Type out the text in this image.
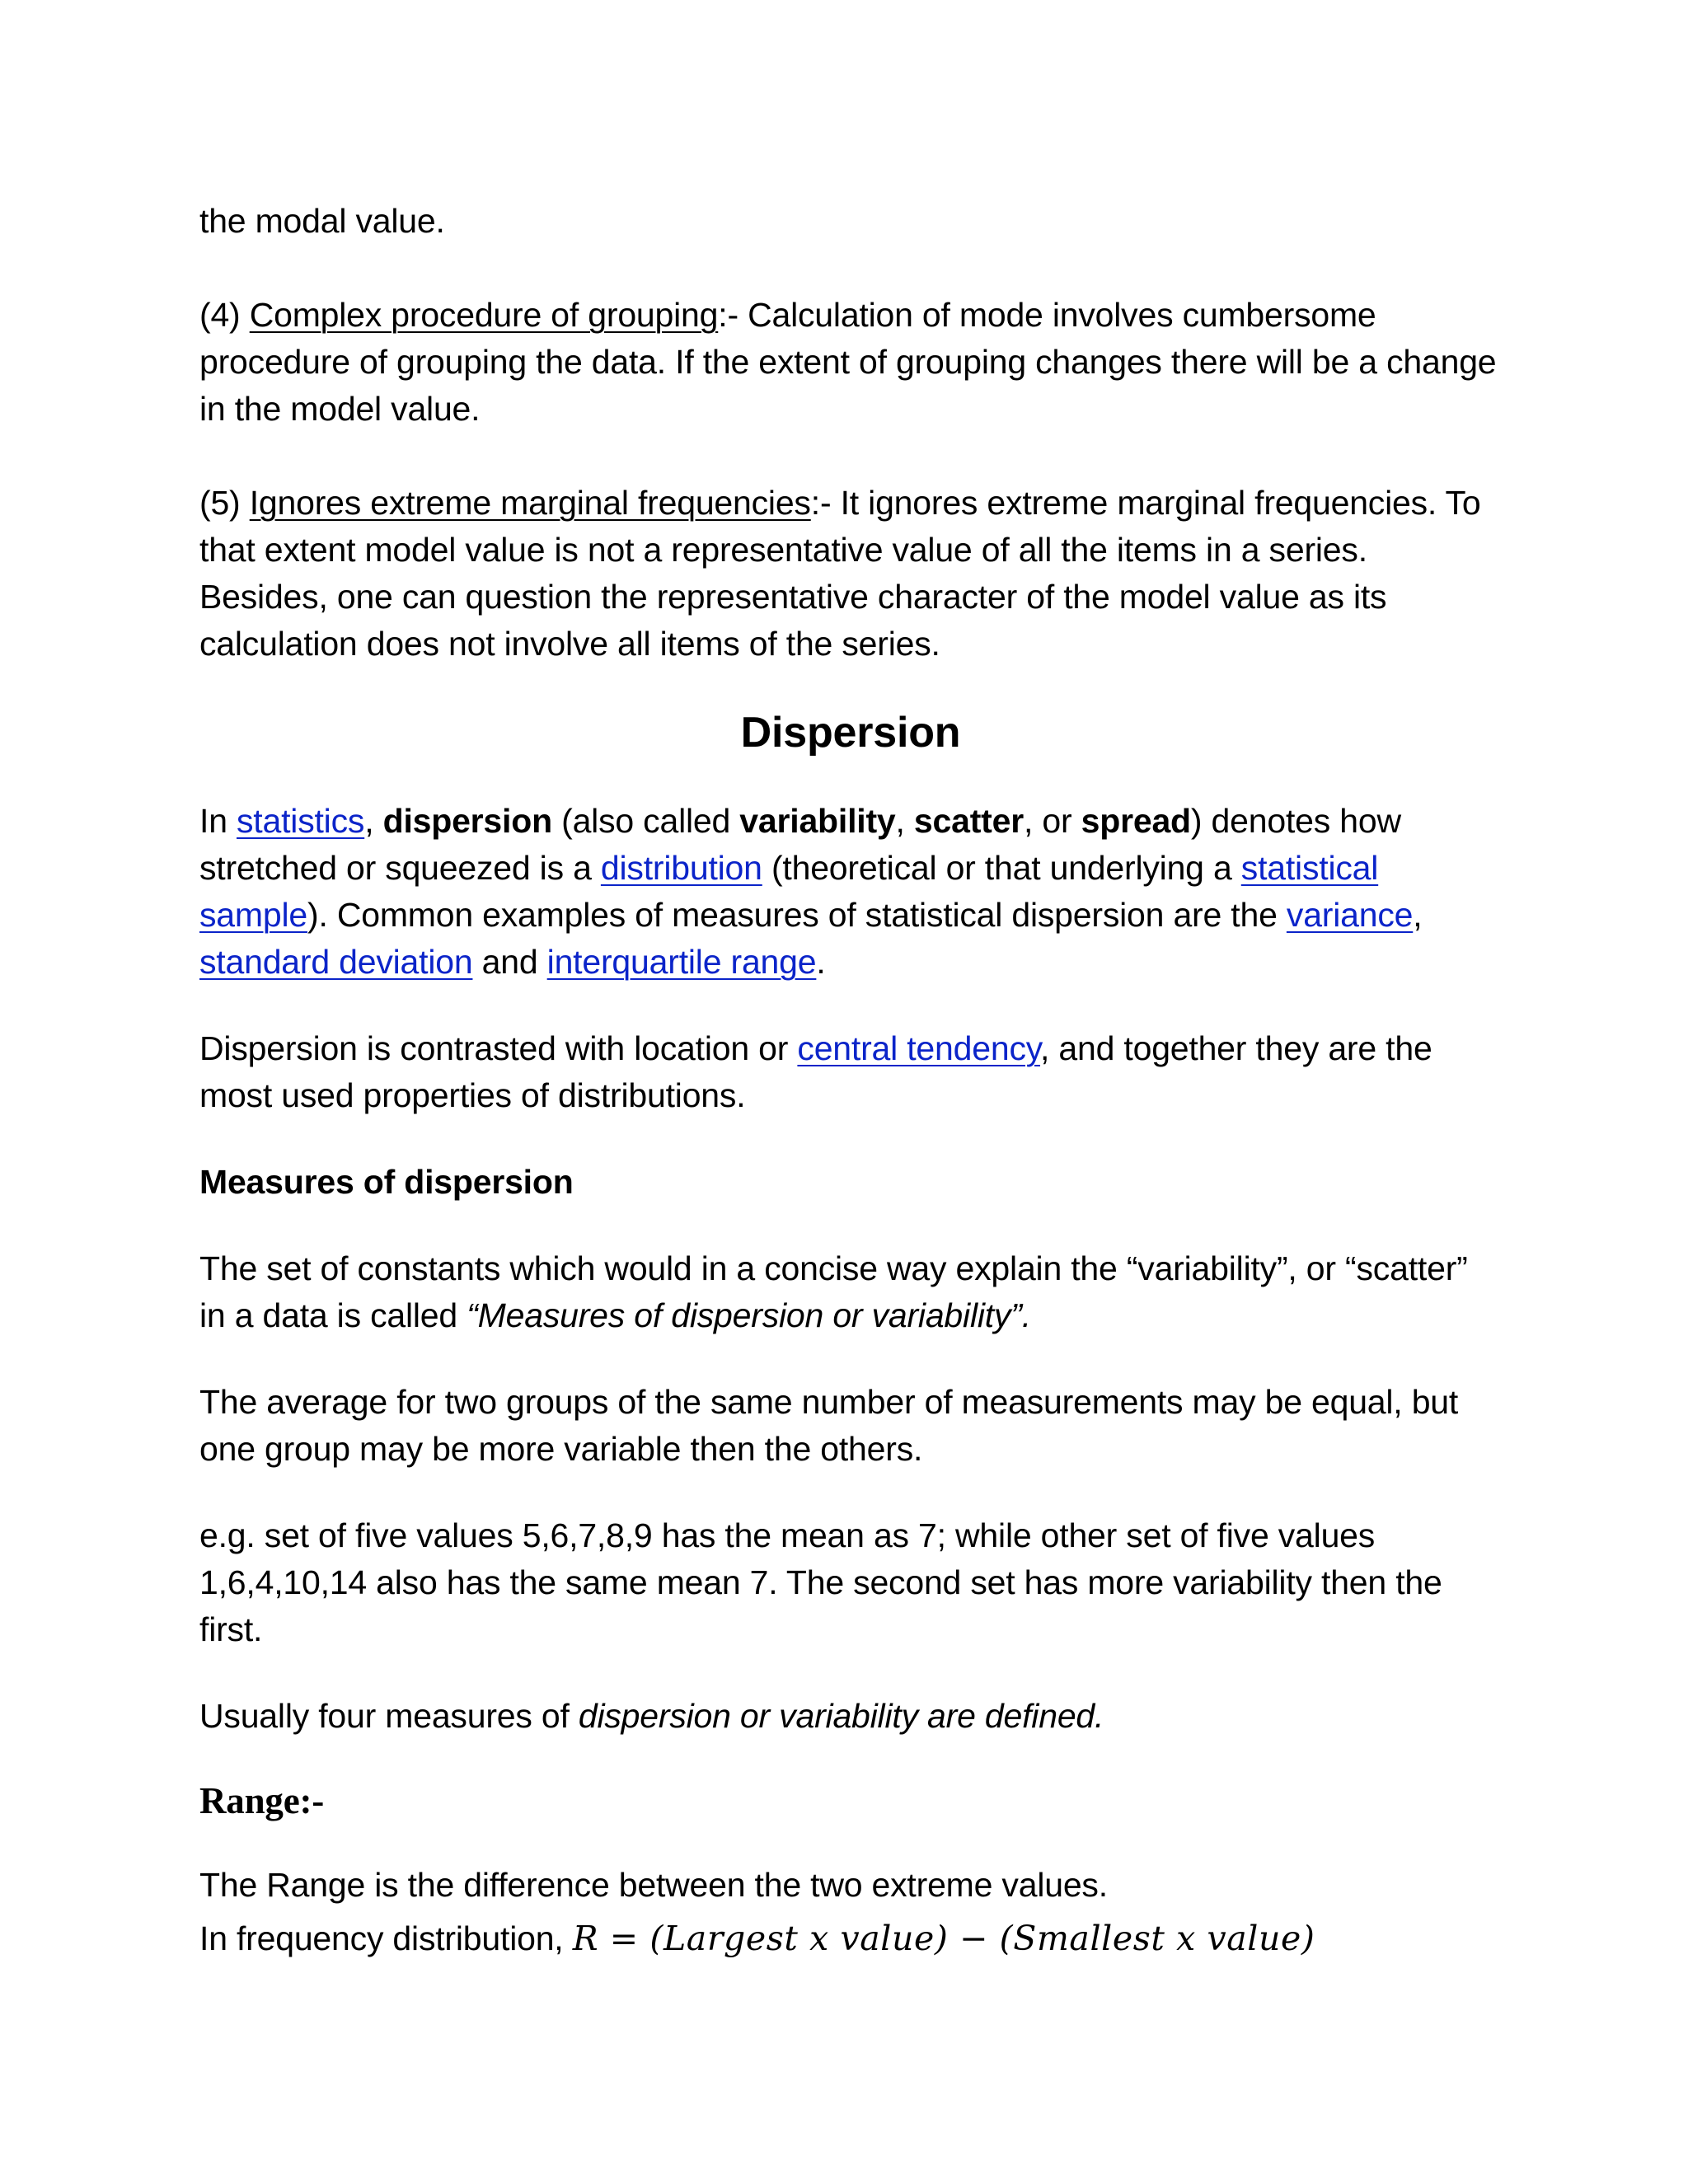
the modal value.

(4) Complex procedure of grouping:- Calculation of mode involves cumbersome procedure of grouping the data. If the extent of grouping changes there will be a change in the model value.

(5) Ignores extreme marginal frequencies:- It ignores extreme marginal frequencies. To that extent model value is not a representative value of all the items in a series. Besides, one can question the representative character of the model value as its calculation does not involve all items of the series.

Dispersion

In statistics, dispersion (also called variability, scatter, or spread) denotes how stretched or squeezed is a distribution (theoretical or that underlying a statistical sample). Common examples of measures of statistical dispersion are the variance, standard deviation and interquartile range.

Dispersion is contrasted with location or central tendency, and together they are the most used properties of distributions.

Measures of dispersion

The set of constants which would in a concise way explain the “variability”, or “scatter” in a data is called “Measures of dispersion or variability”.

The average for two groups of the same number of measurements may be equal, but one group may be more variable then the others.

e.g. set of five values 5,6,7,8,9 has the mean as 7; while other set of five values 1,6,4,10,14 also has the same mean 7. The second set has more variability then the first.

Usually four measures of dispersion or variability are defined.

Range:-

The Range is the difference between the two extreme values.

In frequency distribution, R = (Largest x value) − (Smallest x value)
